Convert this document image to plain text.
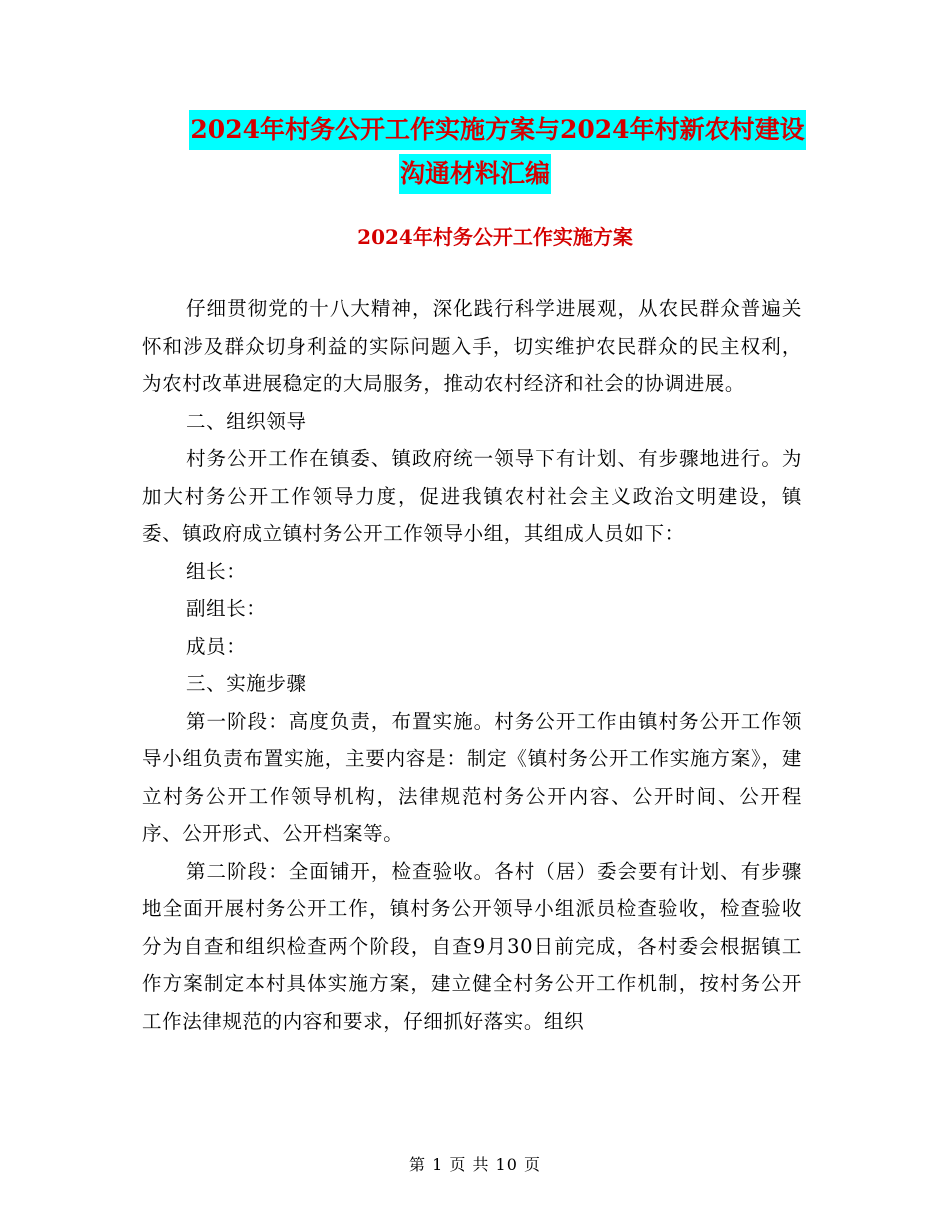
2024年村务公开工作实施方案与2024年村新农村建设
沟通材料汇编
2024年村务公开工作实施方案

仔细贯彻党的十八大精神，深化践行科学进展观，从农民群众普遍关怀和涉及群众切身利益的实际问题入手，切实维护农民群众的民主权利，为农村改革进展稳定的大局服务，推动农村经济和社会的协调进展。

二、组织领导

村务公开工作在镇委、镇政府统一领导下有计划、有步骤地进行。为加大村务公开工作领导力度，促进我镇农村社会主义政治文明建设，镇委、镇政府成立镇村务公开工作领导小组，其组成人员如下：

组长：

副组长：

成员：

三、实施步骤

第一阶段：高度负责，布置实施。村务公开工作由镇村务公开工作领导小组负责布置实施，主要内容是：制定《镇村务公开工作实施方案》，建立村务公开工作领导机构，法律规范村务公开内容、公开时间、公开程序、公开形式、公开档案等。

第二阶段：全面铺开，检查验收。各村（居）委会要有计划、有步骤地全面开展村务公开工作，镇村务公开领导小组派员检查验收，检查验收分为自查和组织检查两个阶段，自查9月30日前完成，各村委会根据镇工作方案制定本村具体实施方案，建立健全村务公开工作机制，按村务公开工作法律规范的内容和要求，仔细抓好落实。组织

第 1 页 共 10 页
